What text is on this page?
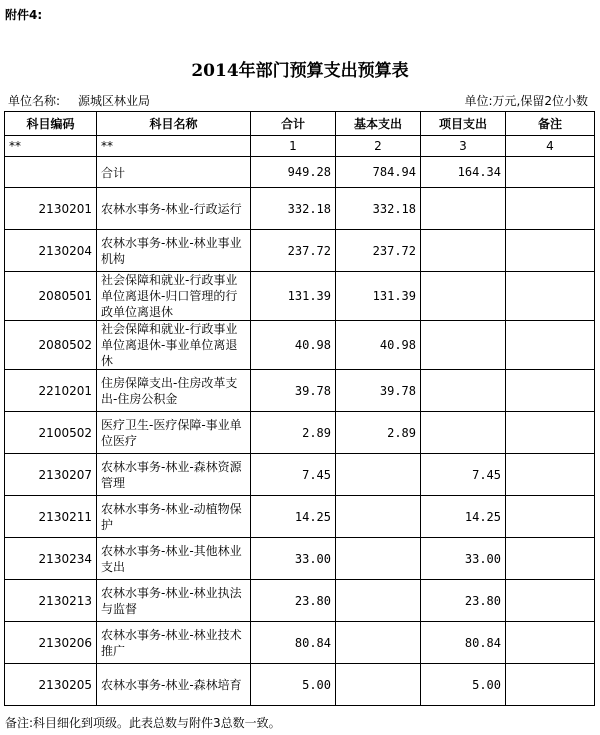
附件4:
2014年部门预算支出预算表
单位名称: 源城区林业局	单位:万元,保留2位小数
科目编码	科目名称	合计	基本支出	项目支出	备注
**	**	1	2	3	4
	合计	949.28	784.94	164.34	
2130201	农林水事务-林业-行政运行	332.18	332.18		
2130204	农林水事务-林业-林业事业机构	237.72	237.72		
2080501	社会保障和就业-行政事业单位离退休-归口管理的行政单位离退休	131.39	131.39		
2080502	社会保障和就业-行政事业单位离退休-事业单位离退休	40.98	40.98		
2210201	住房保障支出-住房改革支出-住房公积金	39.78	39.78		
2100502	医疗卫生-医疗保障-事业单位医疗	2.89	2.89		
2130207	农林水事务-林业-森林资源管理	7.45		7.45	
2130211	农林水事务-林业-动植物保护	14.25		14.25	
2130234	农林水事务-林业-其他林业支出	33.00		33.00	
2130213	农林水事务-林业-林业执法与监督	23.80		23.80	
2130206	农林水事务-林业-林业技术推广	80.84		80.84	
2130205	农林水事务-林业-森林培育	5.00		5.00	
备注:科目细化到项级。此表总数与附件3总数一致。
